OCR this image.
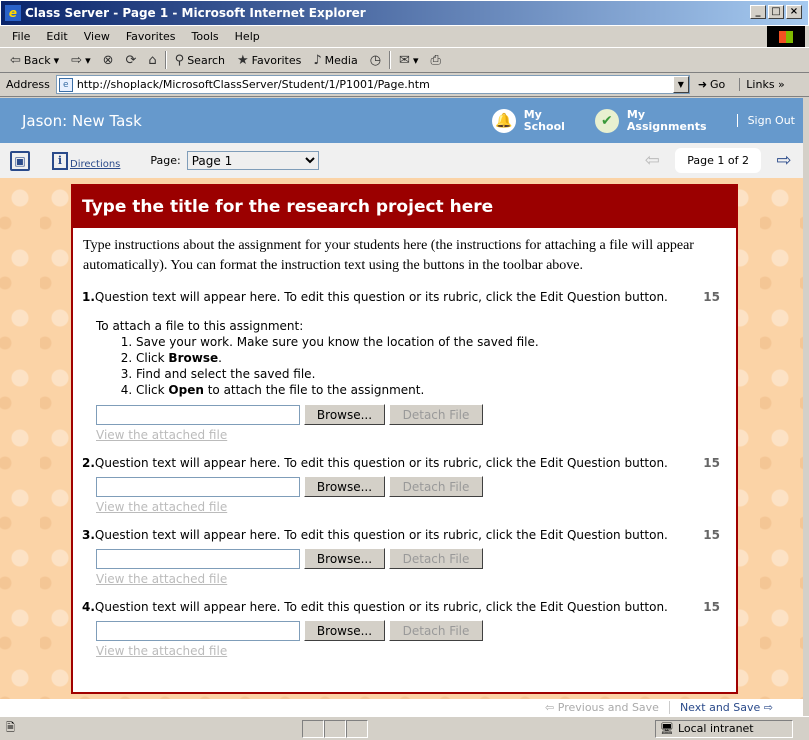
e Class Server - Page 1 - Microsoft Internet Explorer	_	□ ×
File	Edit	View	Favorites	Tools	Help
⇦ Back ▾ ⇨ ▾ ⊗ ⟳ ⌂ ⚲ Search ★ Favorites ♪ Media ◷ ✉ ▾ ⎙
Address	e http://shoplack/MicrosoftClassServer/Student/1/P1001/Page.htm	▼	➜ Go	Links »
Jason: New Task	🔔 My
School	✔	My
Assignments	Sign Out
▣	i Directions	Page:
Page 1	⇦	Page 1 of 2	⇨
Type the title for the research project here
Type instructions about the assignment for your students here (the instructions for attaching a file will appear automatically). You can format the instruction text using the buttons in the toolbar above.
1.Question text will appear here. To edit this question or its rubric, click the Edit Question button.	15
To attach a file to this assignment:
1. Save your work. Make sure you know the location of the saved file.
2. Click Browse.
3. Find and select the saved file.
4. Click Open to attach the file to the assignment.
Browse...	Detach File
View the attached file
2.Question text will appear here. To edit this question or its rubric, click the Edit Question button.	15
Browse...	Detach File
View the attached file
3.Question text will appear here. To edit this question or its rubric, click the Edit Question button.	15
Browse...	Detach File
View the attached file
4.Question text will appear here. To edit this question or its rubric, click the Edit Question button.	15
Browse...	Detach File
View the attached file
⇦ Previous and Save	Next and Save ⇨
🗎	🖥 Local intranet
